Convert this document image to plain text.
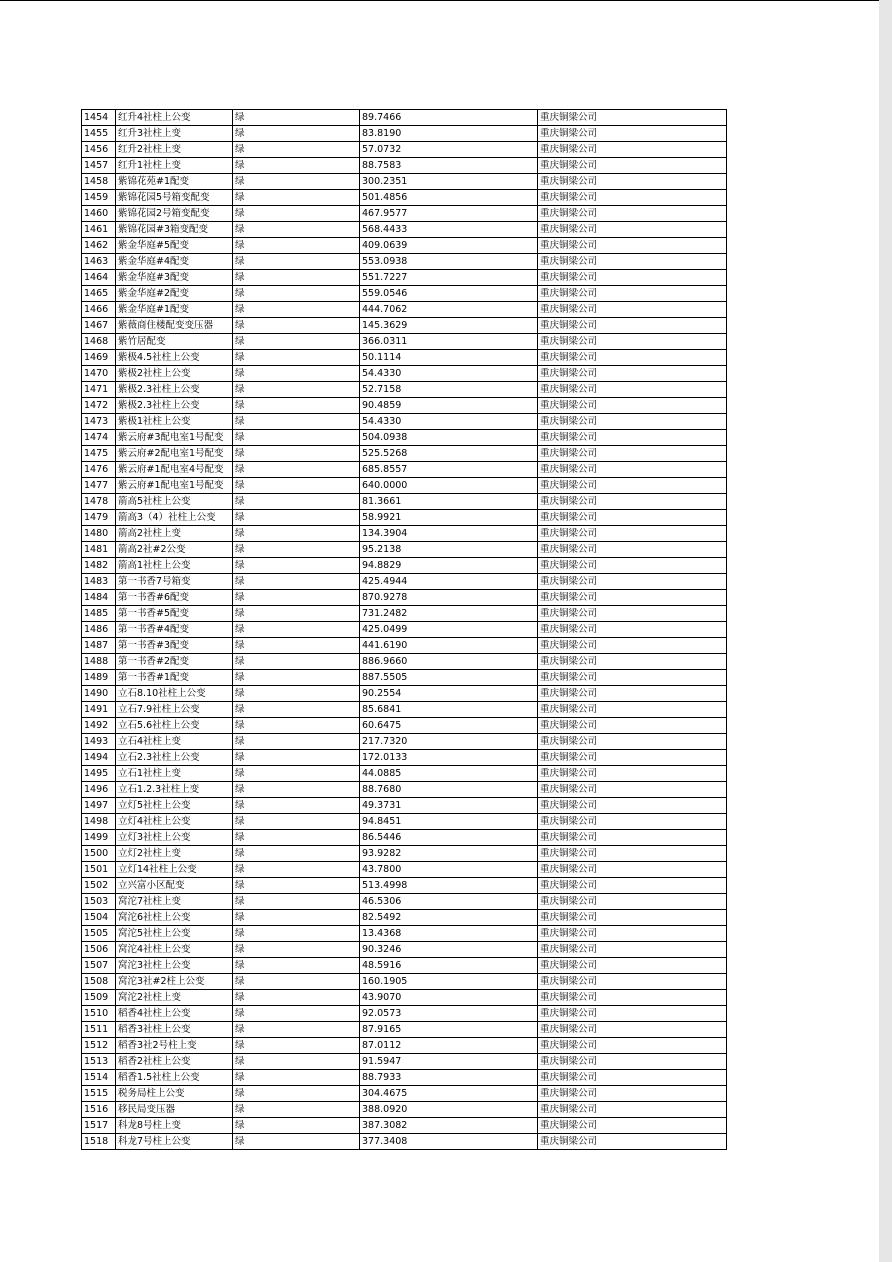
1454	红升4社柱上公变	绿	89.7466	重庆铜梁公司
1455	红升3社柱上变	绿	83.8190	重庆铜梁公司
1456	红升2社柱上变	绿	57.0732	重庆铜梁公司
1457	红升1社柱上变	绿	88.7583	重庆铜梁公司
1458	紫锦花苑#1配变	绿	300.2351	重庆铜梁公司
1459	紫锦花园5号箱变配变	绿	501.4856	重庆铜梁公司
1460	紫锦花园2号箱变配变	绿	467.9577	重庆铜梁公司
1461	紫锦花园#3箱变配变	绿	568.4433	重庆铜梁公司
1462	紫金华庭#5配变	绿	409.0639	重庆铜梁公司
1463	紫金华庭#4配变	绿	553.0938	重庆铜梁公司
1464	紫金华庭#3配变	绿	551.7227	重庆铜梁公司
1465	紫金华庭#2配变	绿	559.0546	重庆铜梁公司
1466	紫金华庭#1配变	绿	444.7062	重庆铜梁公司
1467	紫薇商住楼配变变压器	绿	145.3629	重庆铜梁公司
1468	紫竹居配变	绿	366.0311	重庆铜梁公司
1469	紫极4.5社柱上公变	绿	50.1114	重庆铜梁公司
1470	紫极2社柱上公变	绿	54.4330	重庆铜梁公司
1471	紫极2.3社柱上公变	绿	52.7158	重庆铜梁公司
1472	紫极2.3社柱上公变	绿	90.4859	重庆铜梁公司
1473	紫极1社柱上公变	绿	54.4330	重庆铜梁公司
1474	紫云府#3配电室1号配变	绿	504.0938	重庆铜梁公司
1475	紫云府#2配电室1号配变	绿	525.5268	重庆铜梁公司
1476	紫云府#1配电室4号配变	绿	685.8557	重庆铜梁公司
1477	紫云府#1配电室1号配变	绿	640.0000	重庆铜梁公司
1478	箭高5社柱上公变	绿	81.3661	重庆铜梁公司
1479	箭高3（4）社柱上公变	绿	58.9921	重庆铜梁公司
1480	箭高2社柱上变	绿	134.3904	重庆铜梁公司
1481	箭高2社#2公变	绿	95.2138	重庆铜梁公司
1482	箭高1社柱上公变	绿	94.8829	重庆铜梁公司
1483	第一书香7号箱变	绿	425.4944	重庆铜梁公司
1484	第一书香#6配变	绿	870.9278	重庆铜梁公司
1485	第一书香#5配变	绿	731.2482	重庆铜梁公司
1486	第一书香#4配变	绿	425.0499	重庆铜梁公司
1487	第一书香#3配变	绿	441.6190	重庆铜梁公司
1488	第一书香#2配变	绿	886.9660	重庆铜梁公司
1489	第一书香#1配变	绿	887.5505	重庆铜梁公司
1490	立石8.10社柱上公变	绿	90.2554	重庆铜梁公司
1491	立石7.9社柱上公变	绿	85.6841	重庆铜梁公司
1492	立石5.6社柱上公变	绿	60.6475	重庆铜梁公司
1493	立石4社柱上变	绿	217.7320	重庆铜梁公司
1494	立石2.3社柱上公变	绿	172.0133	重庆铜梁公司
1495	立石1社柱上变	绿	44.0885	重庆铜梁公司
1496	立石1.2.3社柱上变	绿	88.7680	重庆铜梁公司
1497	立灯5社柱上公变	绿	49.3731	重庆铜梁公司
1498	立灯4社柱上公变	绿	94.8451	重庆铜梁公司
1499	立灯3社柱上公变	绿	86.5446	重庆铜梁公司
1500	立灯2社柱上变	绿	93.9282	重庆铜梁公司
1501	立灯14社柱上公变	绿	43.7800	重庆铜梁公司
1502	立兴富小区配变	绿	513.4998	重庆铜梁公司
1503	窝沱7社柱上变	绿	46.5306	重庆铜梁公司
1504	窝沱6社柱上公变	绿	82.5492	重庆铜梁公司
1505	窝沱5社柱上公变	绿	13.4368	重庆铜梁公司
1506	窝沱4社柱上公变	绿	90.3246	重庆铜梁公司
1507	窝沱3社柱上公变	绿	48.5916	重庆铜梁公司
1508	窝沱3社#2柱上公变	绿	160.1905	重庆铜梁公司
1509	窝沱2社柱上变	绿	43.9070	重庆铜梁公司
1510	稻香4社柱上公变	绿	92.0573	重庆铜梁公司
1511	稻香3社柱上公变	绿	87.9165	重庆铜梁公司
1512	稻香3社2号柱上变	绿	87.0112	重庆铜梁公司
1513	稻香2社柱上公变	绿	91.5947	重庆铜梁公司
1514	稻香1.5社柱上公变	绿	88.7933	重庆铜梁公司
1515	税务局柱上公变	绿	304.4675	重庆铜梁公司
1516	移民局变压器	绿	388.0920	重庆铜梁公司
1517	科龙8号柱上变	绿	387.3082	重庆铜梁公司
1518	科龙7号柱上公变	绿	377.3408	重庆铜梁公司
